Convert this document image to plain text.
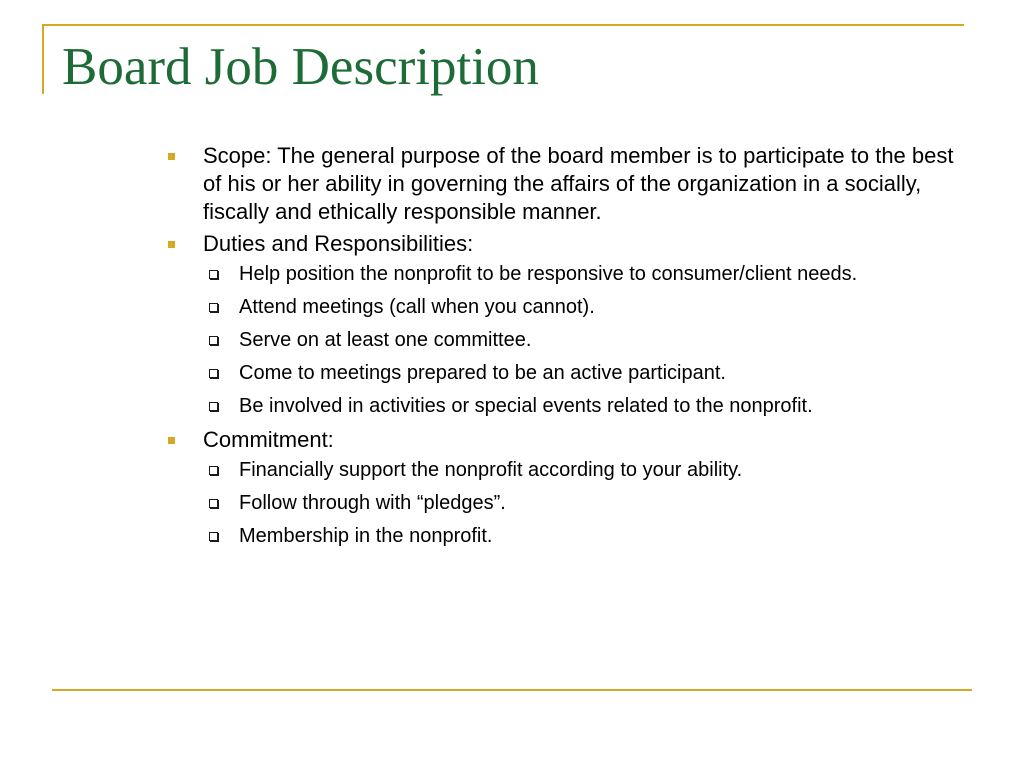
Board Job Description
Scope: The general purpose of the board member is to participate to the best of his or her ability in governing the affairs of the organization in a socially, fiscally and ethically responsible manner.
Duties and Responsibilities:
Help position the nonprofit to be responsive to consumer/client needs.
Attend meetings (call when you cannot).
Serve on at least one committee.
Come to meetings prepared to be an active participant.
Be involved in activities or special events related to the nonprofit.
Commitment:
Financially support the nonprofit according to your ability.
Follow through with “pledges”.
Membership in the nonprofit.
